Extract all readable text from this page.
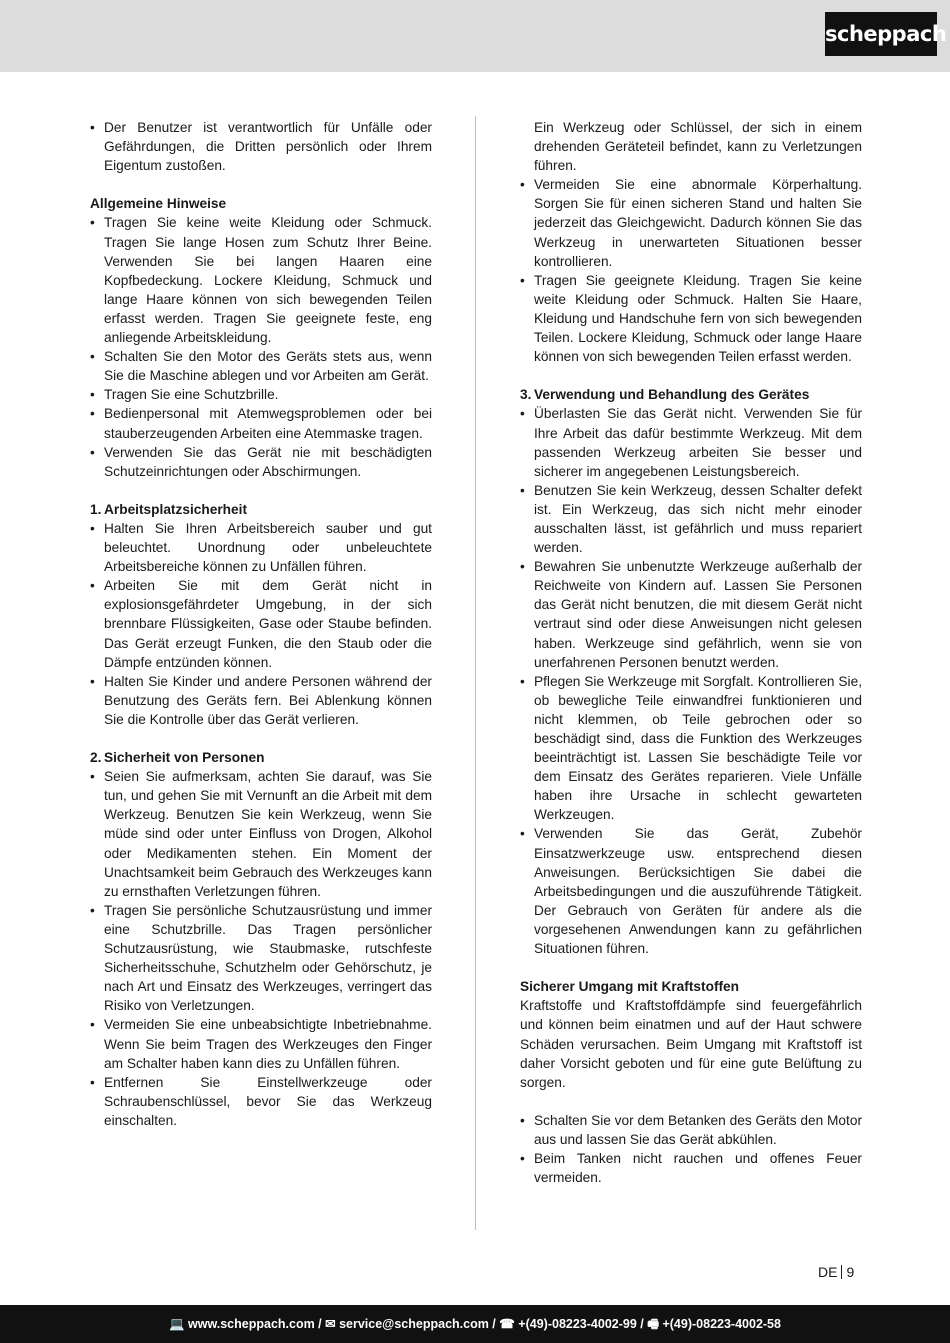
scheppach
• Der Benutzer ist verantwortlich für Unfälle oder Gefährdungen, die Dritten persönlich oder Ihrem Eigentum zustoßen.
Allgemeine Hinweise
• Tragen Sie keine weite Kleidung oder Schmuck. Tragen Sie lange Hosen zum Schutz Ihrer Beine. Verwenden Sie bei langen Haaren eine Kopfbedeckung. Lockere Kleidung, Schmuck und lange Haare können von sich bewegenden Teilen erfasst werden. Tragen Sie geeignete feste, eng anliegende Arbeitskleidung.
• Schalten Sie den Motor des Geräts stets aus, wenn Sie die Maschine ablegen und vor Arbeiten am Gerät.
• Tragen Sie eine Schutzbrille.
• Bedienpersonal mit Atemwegsproblemen oder bei stauberzeugenden Arbeiten eine Atemmaske tragen.
• Verwenden Sie das Gerät nie mit beschädigten Schutzeinrichtungen oder Abschirmungen.
1. Arbeitsplatzsicherheit
• Halten Sie Ihren Arbeitsbereich sauber und gut beleuchtet. Unordnung oder unbeleuchtete Arbeitsbereiche können zu Unfällen führen.
• Arbeiten Sie mit dem Gerät nicht in explosionsgefährdeter Umgebung, in der sich brennbare Flüssigkeiten, Gase oder Staube befinden. Das Gerät erzeugt Funken, die den Staub oder die Dämpfe entzünden können.
• Halten Sie Kinder und andere Personen während der Benutzung des Geräts fern. Bei Ablenkung können Sie die Kontrolle über das Gerät verlieren.
2. Sicherheit von Personen
• Seien Sie aufmerksam, achten Sie darauf, was Sie tun, und gehen Sie mit Vernunft an die Arbeit mit dem Werkzeug. Benutzen Sie kein Werkzeug, wenn Sie müde sind oder unter Einfluss von Drogen, Alkohol oder Medikamenten stehen. Ein Moment der Unachtsamkeit beim Gebrauch des Werkzeuges kann zu ernsthaften Verletzungen führen.
• Tragen Sie persönliche Schutzausrüstung und immer eine Schutzbrille. Das Tragen persönlicher Schutzausrüstung, wie Staubmaske, rutschfeste Sicherheitsschuhe, Schutzhelm oder Gehörschutz, je nach Art und Einsatz des Werkzeuges, verringert das Risiko von Verletzungen.
• Vermeiden Sie eine unbeabsichtigte Inbetriebnahme. Wenn Sie beim Tragen des Werkzeuges den Finger am Schalter haben kann dies zu Unfällen führen.
• Entfernen Sie Einstellwerkzeuge oder Schraubenschlüssel, bevor Sie das Werkzeug einschalten.

Ein Werkzeug oder Schlüssel, der sich in einem drehenden Geräteteil befindet, kann zu Verletzungen führen.

• Vermeiden Sie eine abnormale Körperhaltung. Sorgen Sie für einen sicheren Stand und halten Sie jederzeit das Gleichgewicht. Dadurch können Sie das Werkzeug in unerwarteten Situationen besser kontrollieren.
• Tragen Sie geeignete Kleidung. Tragen Sie keine weite Kleidung oder Schmuck. Halten Sie Haare, Kleidung und Handschuhe fern von sich bewegenden Teilen. Lockere Kleidung, Schmuck oder lange Haare können von sich bewegenden Teilen erfasst werden.
3. Verwendung und Behandlung des Gerätes
• Überlasten Sie das Gerät nicht. Verwenden Sie für Ihre Arbeit das dafür bestimmte Werkzeug. Mit dem passenden Werkzeug arbeiten Sie besser und sicherer im angegebenen Leistungsbereich.
• Benutzen Sie kein Werkzeug, dessen Schalter defekt ist. Ein Werkzeug, das sich nicht mehr einoder ausschalten lässt, ist gefährlich und muss repariert werden.
• Bewahren Sie unbenutzte Werkzeuge außerhalb der Reichweite von Kindern auf. Lassen Sie Personen das Gerät nicht benutzen, die mit diesem Gerät nicht vertraut sind oder diese Anweisungen nicht gelesen haben. Werkzeuge sind gefährlich, wenn sie von unerfahrenen Personen benutzt werden.
• Pflegen Sie Werkzeuge mit Sorgfalt. Kontrollieren Sie, ob bewegliche Teile einwandfrei funktionieren und nicht klemmen, ob Teile gebrochen oder so beschädigt sind, dass die Funktion des Werkzeuges beeinträchtigt ist. Lassen Sie beschädigte Teile vor dem Einsatz des Gerätes reparieren. Viele Unfälle haben ihre Ursache in schlecht gewarteten Werkzeugen.
• Verwenden Sie das Gerät, Zubehör Einsatzwerkzeuge usw. entsprechend diesen Anweisungen. Berücksichtigen Sie dabei die Arbeitsbedingungen und die auszuführende Tätigkeit. Der Gebrauch von Geräten für andere als die vorgesehenen Anwendungen kann zu gefährlichen Situationen führen.
Sicherer Umgang mit Kraftstoffen

Kraftstoffe und Kraftstoffdämpfe sind feuergefährlich und können beim einatmen und auf der Haut schwere Schäden verursachen. Beim Umgang mit Kraftstoff ist daher Vorsicht geboten und für eine gute Belüftung zu sorgen.

• Schalten Sie vor dem Betanken des Geräts den Motor aus und lassen Sie das Gerät abkühlen.
• Beim Tanken nicht rauchen und offenes Feuer vermeiden.
DE 9
💻 www.scheppach.com / ✉ service@scheppach.com / ☎ +(49)-08223-4002-99 / 🖷 +(49)-08223-4002-58
